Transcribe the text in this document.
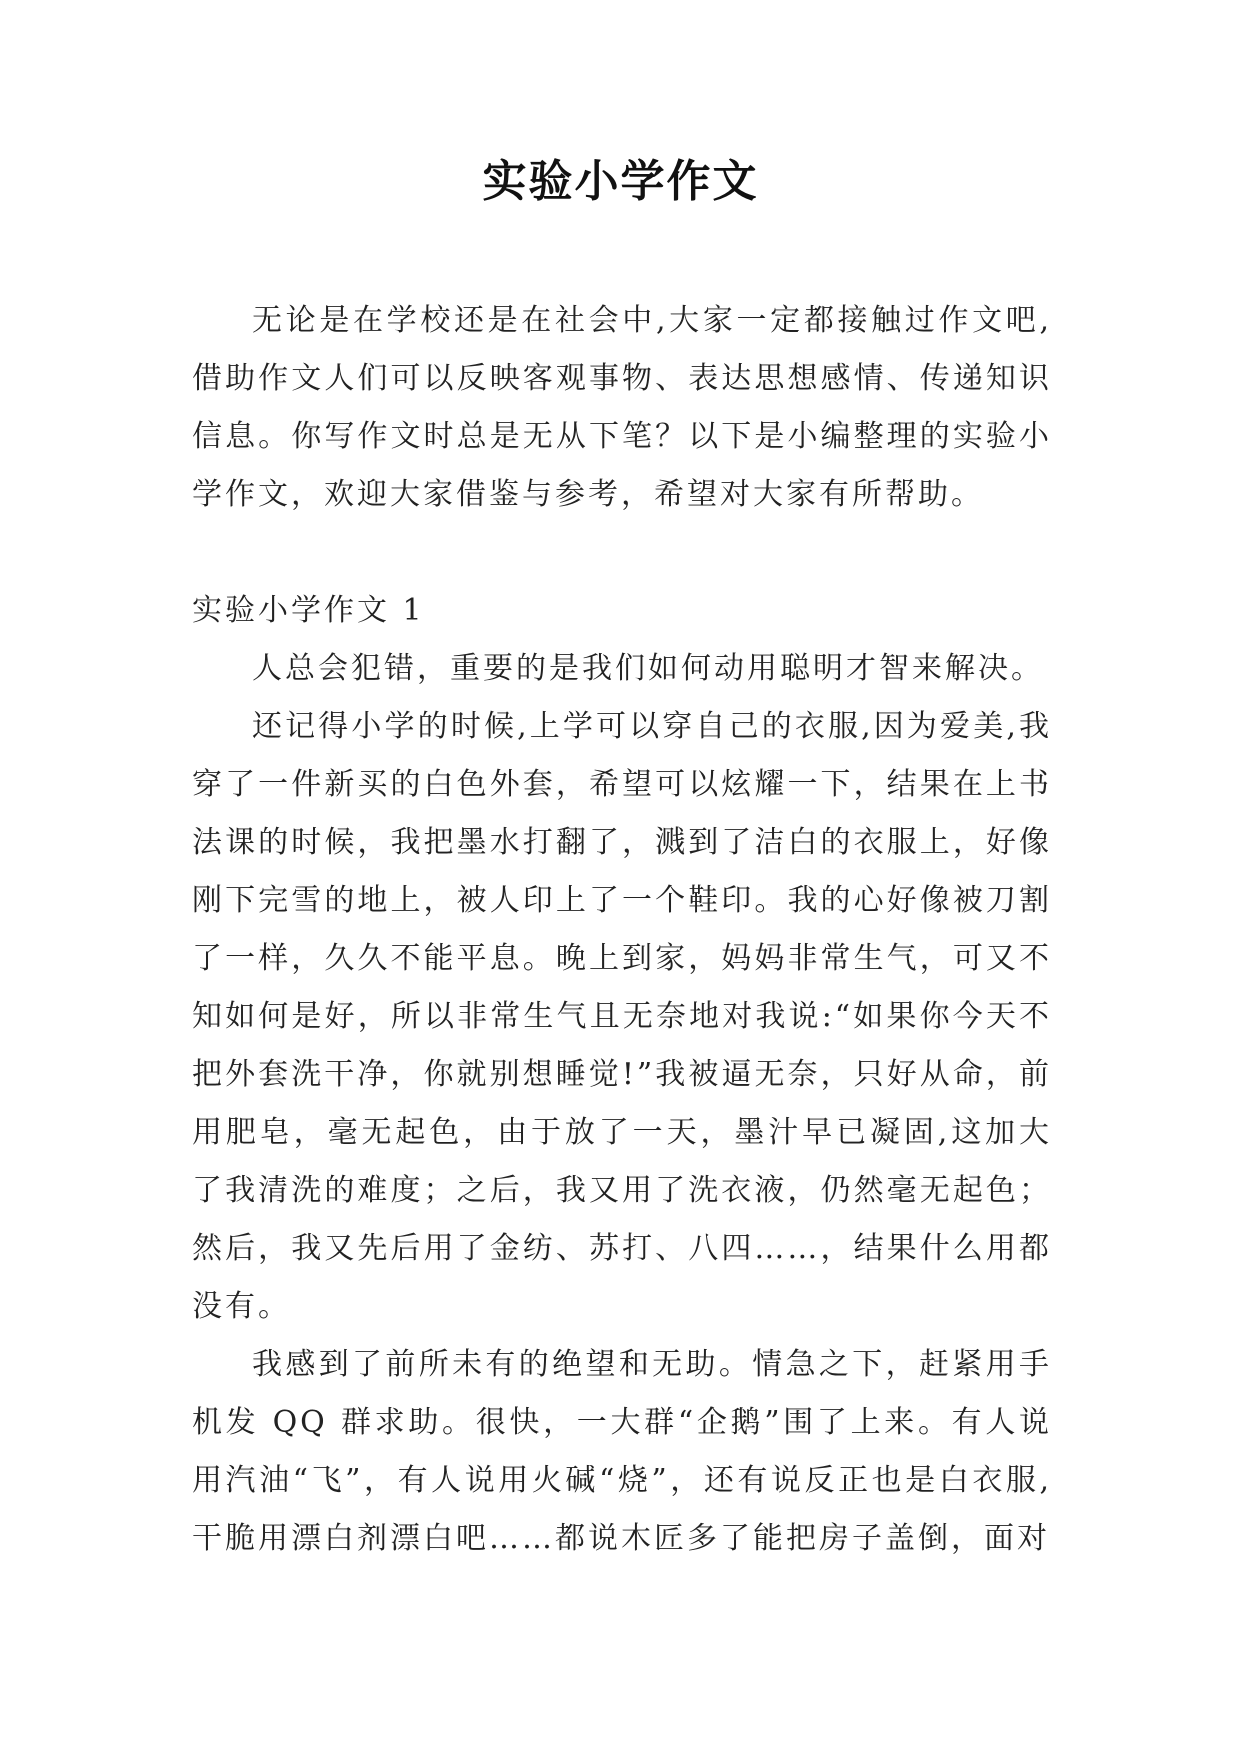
实验小学作文

无论是在学校还是在社会中,大家一定都接触过作文吧,借助作文人们可以反映客观事物、表达思想感情、传递知识信息。你写作文时总是无从下笔？以下是小编整理的实验小学作文，欢迎大家借鉴与参考，希望对大家有所帮助。

实验小学作文 1

人总会犯错，重要的是我们如何动用聪明才智来解决。

还记得小学的时候,上学可以穿自己的衣服,因为爱美,我穿了一件新买的白色外套，希望可以炫耀一下，结果在上书法课的时候，我把墨水打翻了，溅到了洁白的衣服上，好像刚下完雪的地上，被人印上了一个鞋印。我的心好像被刀割了一样，久久不能平息。晚上到家，妈妈非常生气，可又不知如何是好，所以非常生气且无奈地对我说:“如果你今天不把外套洗干净，你就别想睡觉!”我被逼无奈，只好从命，前用肥皂，毫无起色，由于放了一天，墨汁早已凝固,这加大了我清洗的难度；之后，我又用了洗衣液，仍然毫无起色；然后，我又先后用了金纺、苏打、八四……，结果什么用都没有。

我感到了前所未有的绝望和无助。情急之下，赶紧用手机发 QQ 群求助。很快，一大群“企鹅”围了上来。有人说用汽油“飞”，有人说用火碱“烧”，还有说反正也是白衣服,干脆用漂白剂漂白吧……都说木匠多了能把房子盖倒，面对
